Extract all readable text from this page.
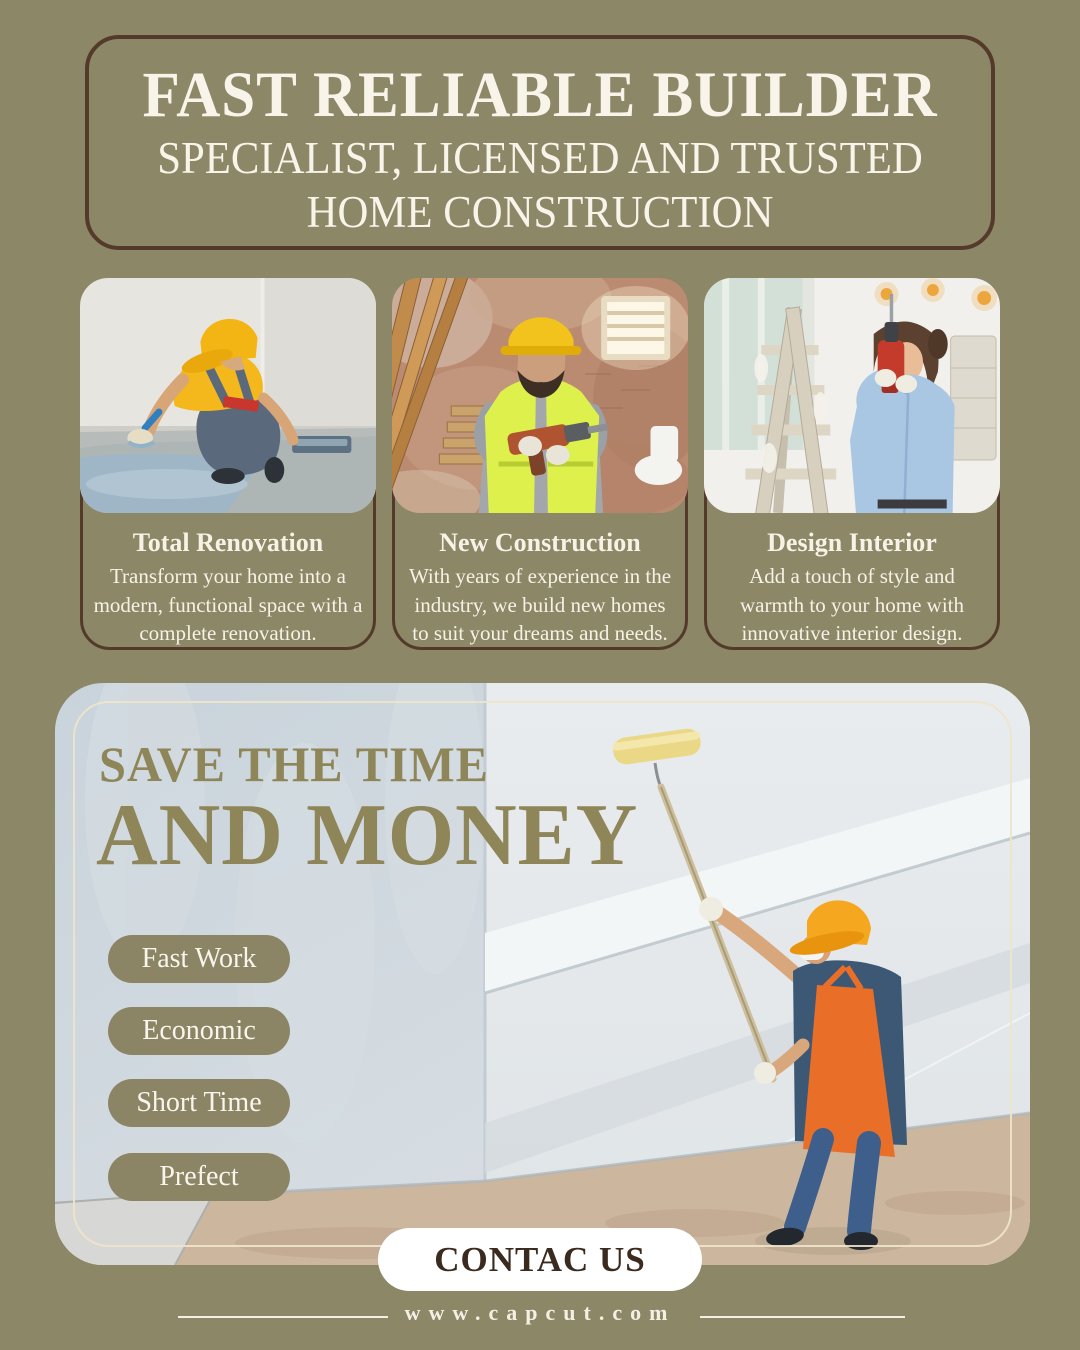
FAST RELIABLE BUILDER

SPECIALIST, LICENSED AND TRUSTED

HOME CONSTRUCTION

Total Renovation

Transform your home into a modern, functional space with a complete renovation.

New Construction

With years of experience in the industry, we build new homes to suit your dreams and needs.

Design Interior

Add a touch of style and warmth to your home with innovative interior design.

SAVE THE TIME
AND MONEY
Fast Work
Economic
Short Time
Prefect
CONTAC US

www.capcut.com
